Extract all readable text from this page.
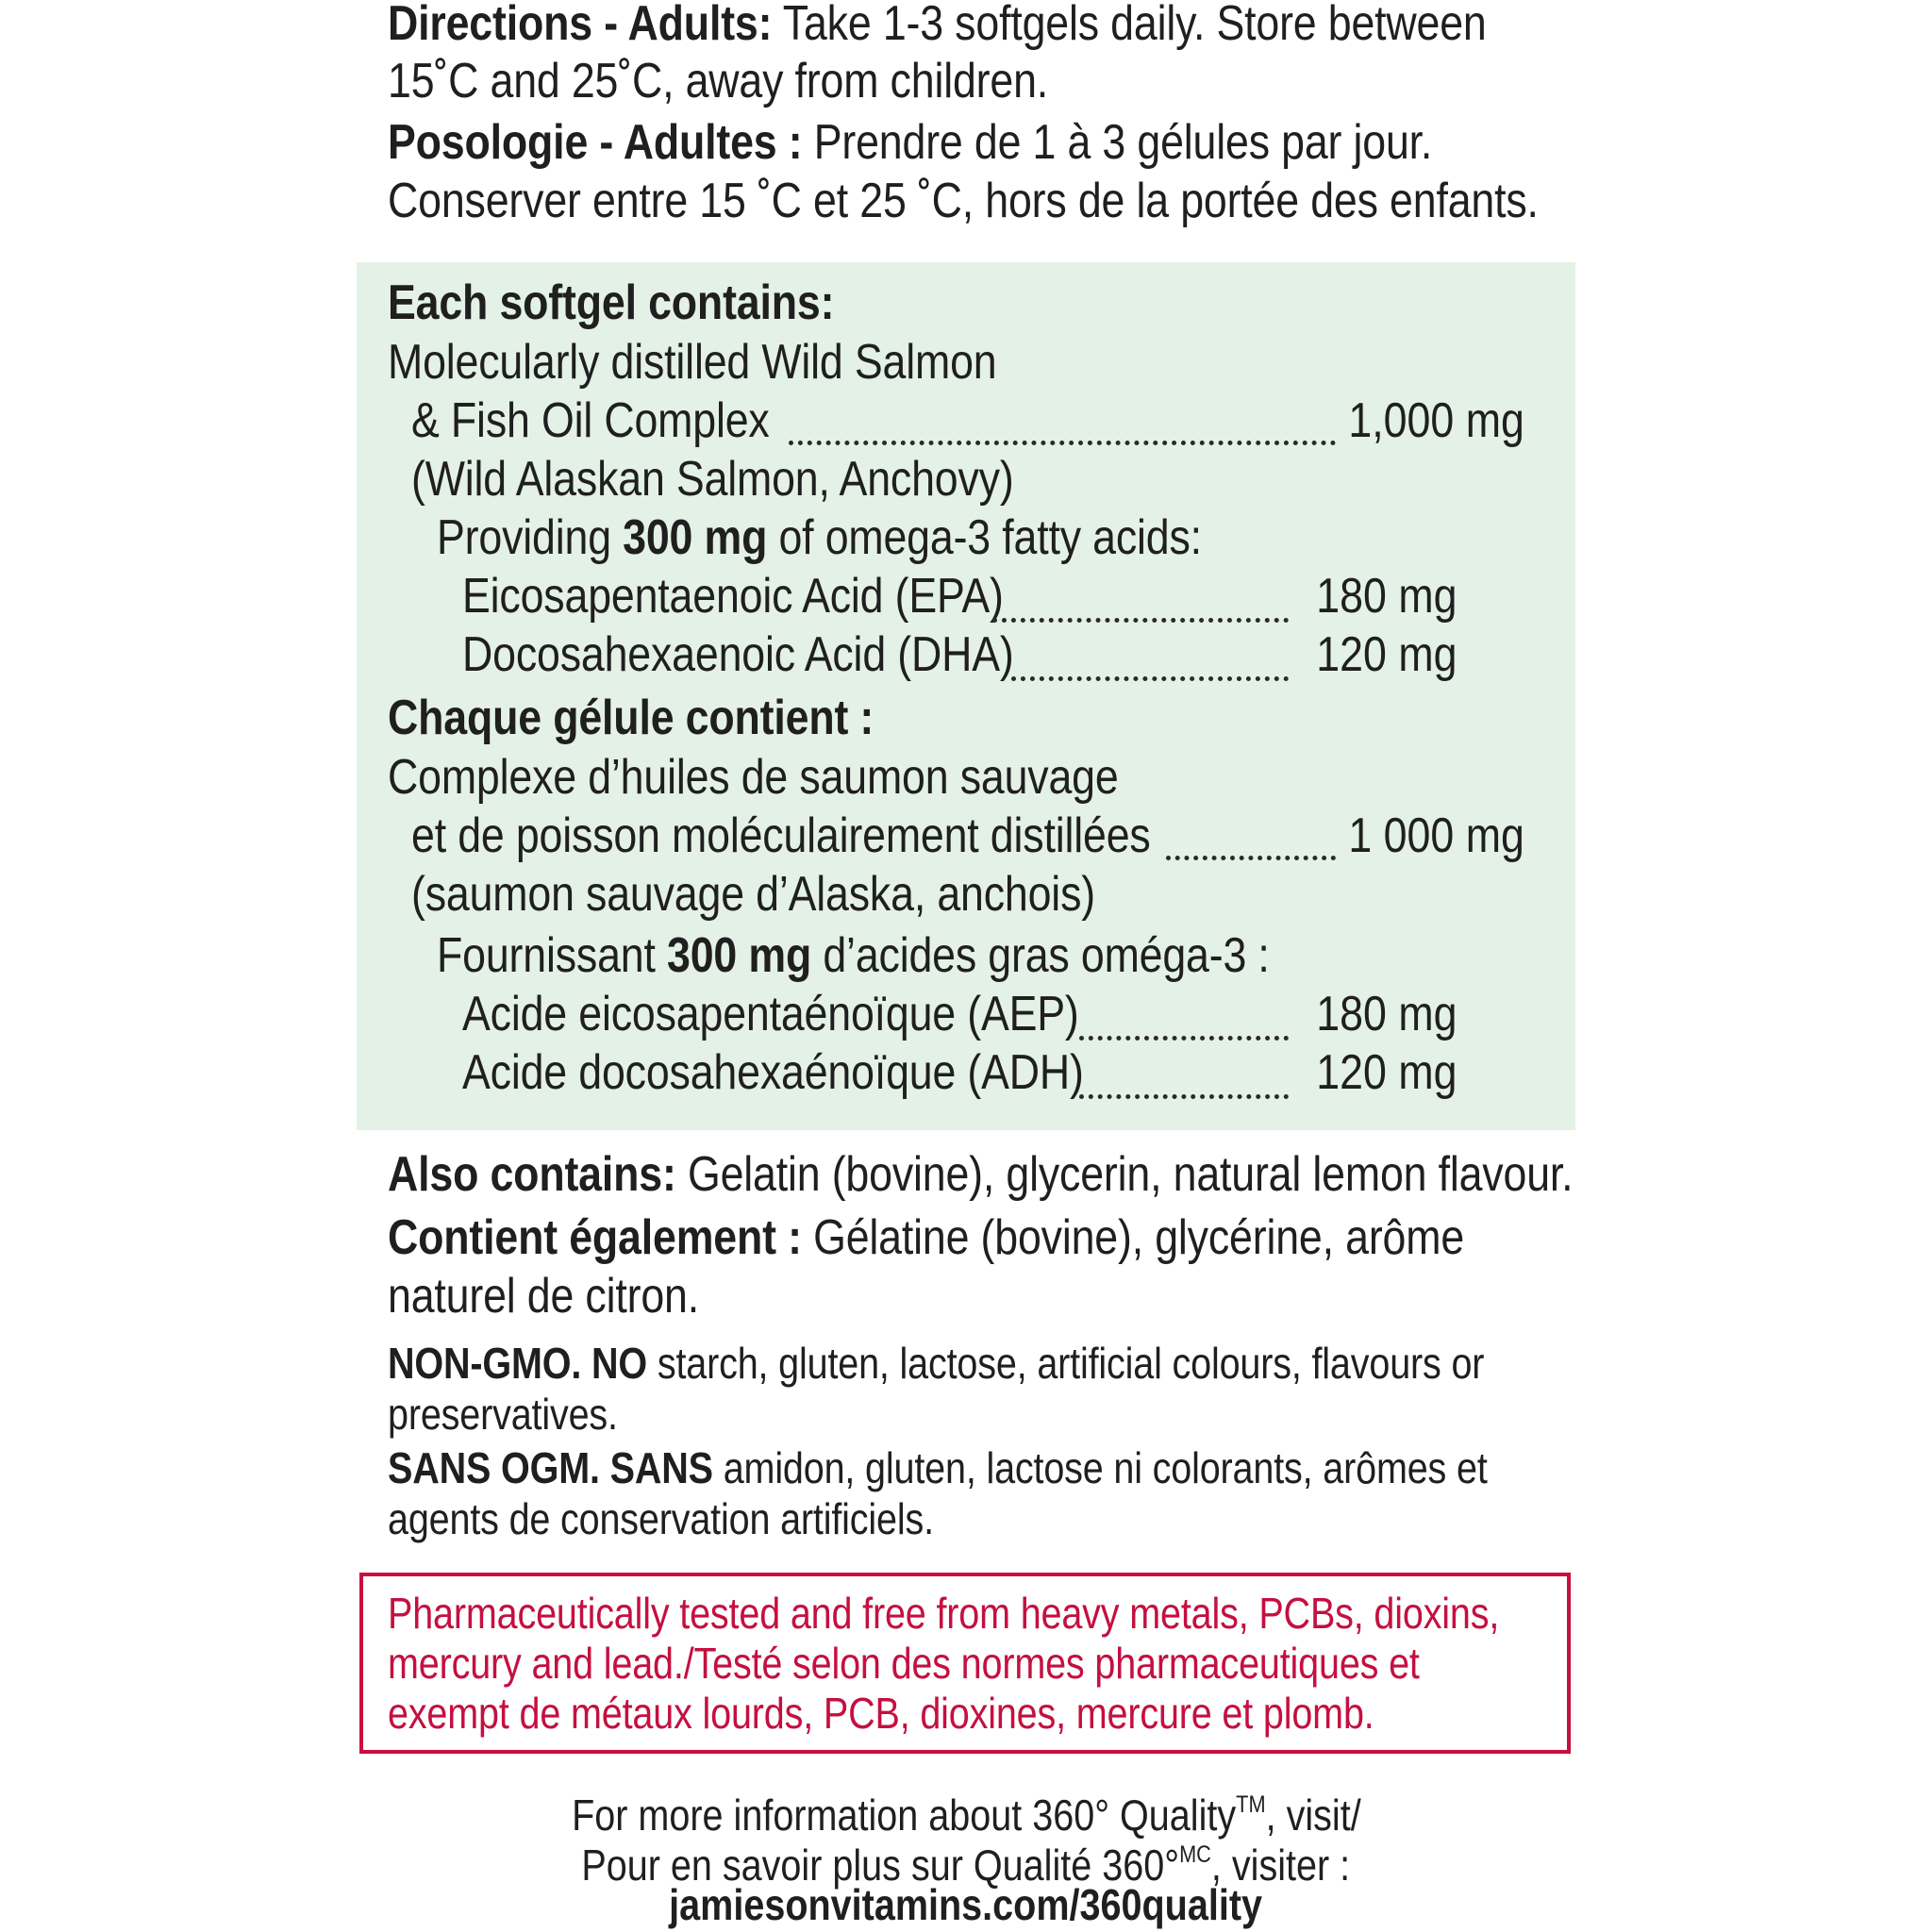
Directions - Adults: Take 1-3 softgels daily. Store between
15˚C and 25˚C, away from children.
Posologie - Adultes : Prendre de 1 à 3 gélules par jour.
Conserver entre 15 ˚C et 25 ˚C, hors de la portée des enfants.
Each softgel contains:
Molecularly distilled Wild Salmon
& Fish Oil Complex	1,000 mg
(Wild Alaskan Salmon, Anchovy)
Providing 300 mg of omega-3 fatty acids:
Eicosapentaenoic Acid (EPA)	180 mg
Docosahexaenoic Acid (DHA)	120 mg
Chaque gélule contient :
Complexe d’huiles de saumon sauvage
et de poisson moléculairement distillées	1 000 mg
(saumon sauvage d’Alaska, anchois)
Fournissant 300 mg d’acides gras oméga-3 :
Acide eicosapentaénoïque (AEP)	180 mg
Acide docosahexaénoïque (ADH)	120 mg
Also contains: Gelatin (bovine), glycerin, natural lemon flavour.
Contient également : Gélatine (bovine), glycérine, arôme
naturel de citron.
NON-GMO. NO starch, gluten, lactose, artificial colours, flavours or
preservatives.
SANS OGM. SANS amidon, gluten, lactose ni colorants, arômes et
agents de conservation artificiels.
Pharmaceutically tested and free from heavy metals, PCBs, dioxins,
mercury and lead./Testé selon des normes pharmaceutiques et
exempt de métaux lourds, PCB, dioxines, mercure et plomb.
For more information about 360° Quality™, visit/
Pour en savoir plus sur Qualité 360°$^{MC}$, visiter :
jamiesonvitamins.com/360quality
